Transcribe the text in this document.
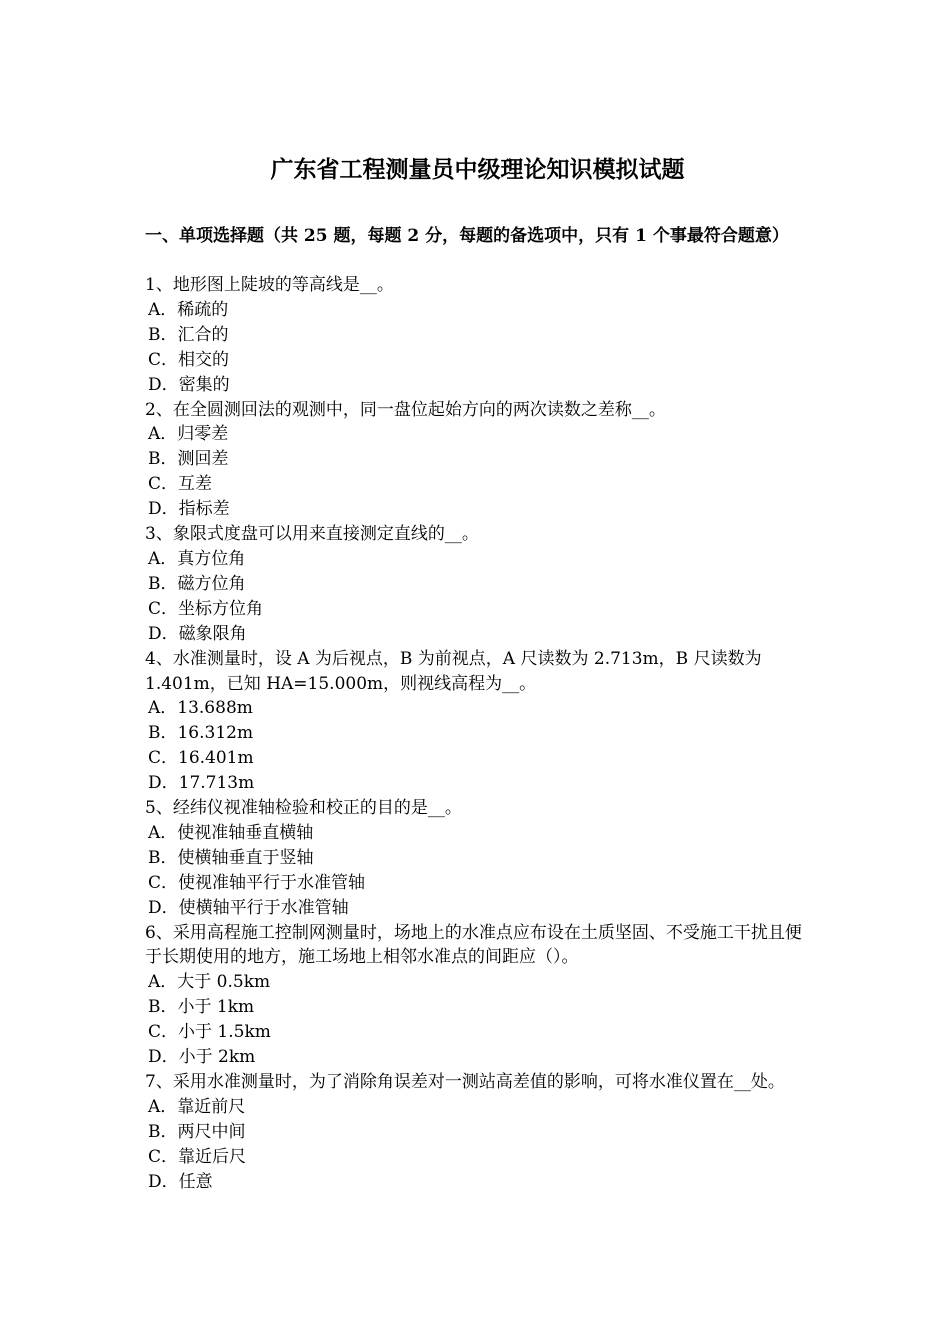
广东省工程测量员中级理论知识模拟试题

一、单项选择题（共 25 题，每题 2 分，每题的备选项中，只有 1 个事最符合题意）

1、地形图上陡坡的等高线是__。

A．稀疏的

B．汇合的

C．相交的

D．密集的

2、在全圆测回法的观测中，同一盘位起始方向的两次读数之差称__。

A．归零差

B．测回差

C．互差

D．指标差

3、象限式度盘可以用来直接测定直线的__。

A．真方位角

B．磁方位角

C．坐标方位角

D．磁象限角

4、水准测量时，设 A 为后视点，B 为前视点，A 尺读数为 2.713m，B 尺读数为 1.401m，已知 HA=15.000m，则视线高程为__。

A．13.688m

B．16.312m

C．16.401m

D．17.713m

5、经纬仪视准轴检验和校正的目的是__。

A．使视准轴垂直横轴

B．使横轴垂直于竖轴

C．使视准轴平行于水准管轴

D．使横轴平行于水准管轴

6、采用高程施工控制网测量时，场地上的水准点应布设在土质坚固、不受施工干扰且便于长期使用的地方，施工场地上相邻水准点的间距应（）。

A．大于 0.5km

B．小于 1km

C．小于 1.5km

D．小于 2km

7、采用水准测量时，为了消除角误差对一测站高差值的影响，可将水准仪置在__处。

A．靠近前尺

B．两尺中间

C．靠近后尺

D．任意
